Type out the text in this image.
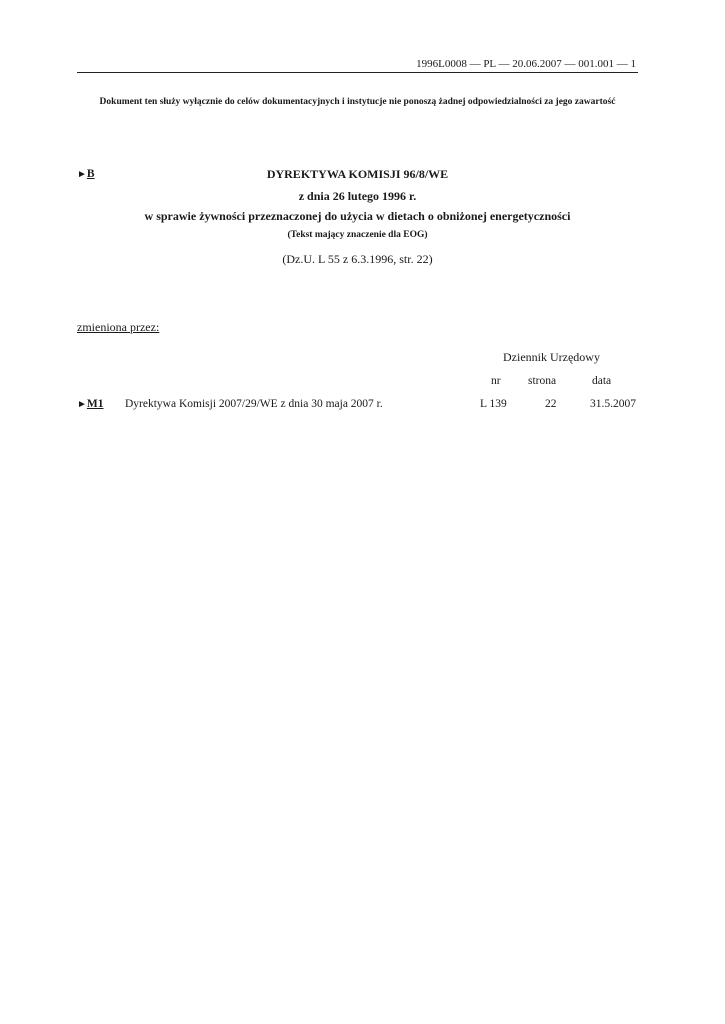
1996L0008 — PL — 20.06.2007 — 001.001 — 1
Dokument ten służy wyłącznie do celów dokumentacyjnych i instytucje nie ponoszą żadnej odpowiedzialności za jego zawartość
►B	DYREKTYWA KOMISJI 96/8/WE

z dnia 26 lutego 1996 r.

w sprawie żywności przeznaczonej do użycia w dietach o obniżonej energetyczności

(Tekst mający znaczenie dla EOG)

(Dz.U. L 55 z 6.3.1996, str. 22)

zmieniona przez:
Dziennik Urzędowy
nr strona	data
►M1 Dyrektywa Komisji 2007/29/WE z dnia 30 maja 2007 r.	L 139	22	31.5.2007
